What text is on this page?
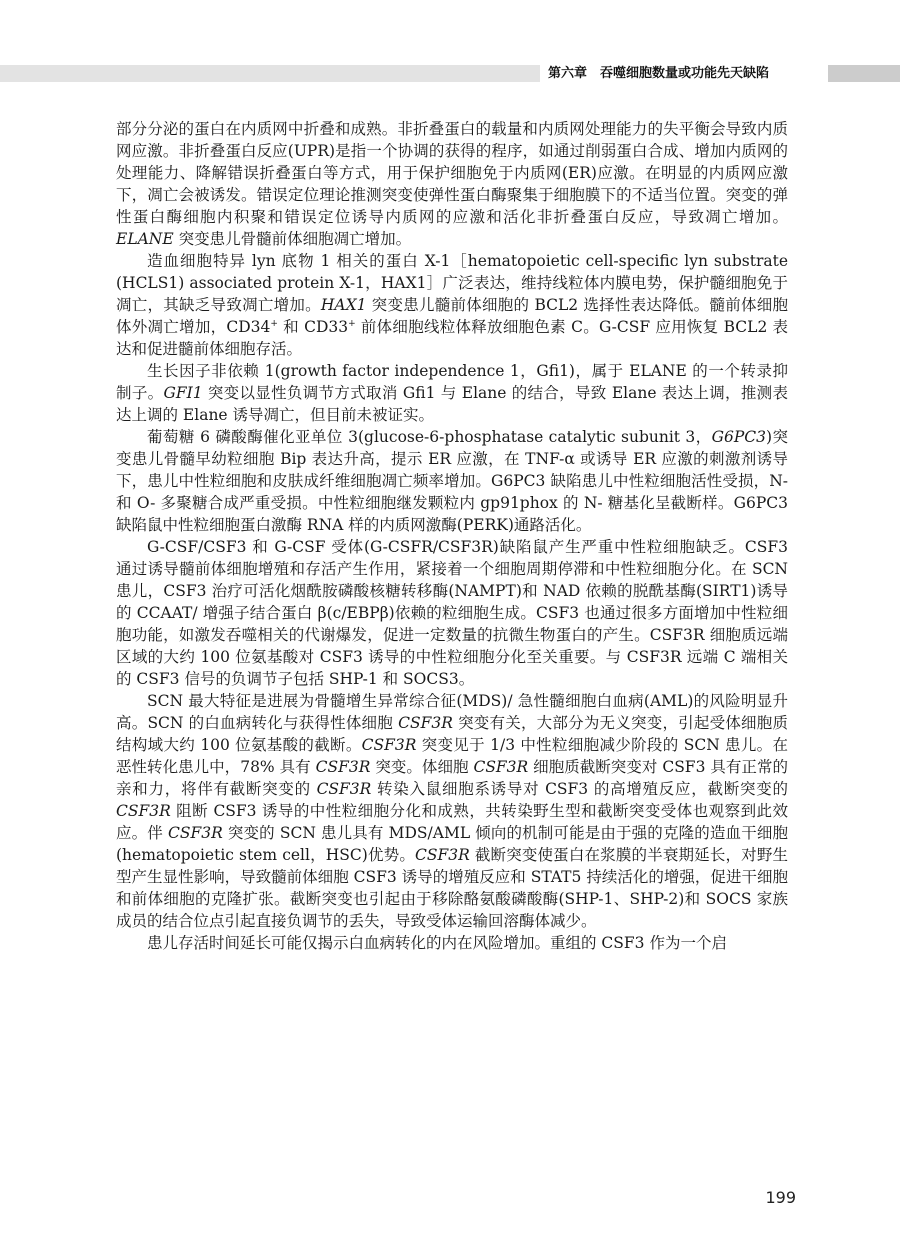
第六章　吞噬细胞数量或功能先天缺陷

部分分泌的蛋白在内质网中折叠和成熟。非折叠蛋白的载量和内质网处理能力的失平衡会导致内质网应激。非折叠蛋白反应(UPR)是指一个协调的获得的程序，如通过削弱蛋白合成、增加内质网的处理能力、降解错误折叠蛋白等方式，用于保护细胞免于内质网(ER)应激。在明显的内质网应激下，凋亡会被诱发。错误定位理论推测突变使弹性蛋白酶聚集于细胞膜下的不适当位置。突变的弹性蛋白酶细胞内积聚和错误定位诱导内质网的应激和活化非折叠蛋白反应，导致凋亡增加。ELANE 突变患儿骨髓前体细胞凋亡增加。

造血细胞特异 lyn 底物 1 相关的蛋白 X-1［hematopoietic cell-specific lyn substrate (HCLS1) associated protein X-1，HAX1］广泛表达，维持线粒体内膜电势，保护髓细胞免于凋亡，其缺乏导致凋亡增加。HAX1 突变患儿髓前体细胞的 BCL2 选择性表达降低。髓前体细胞体外凋亡增加，CD34+ 和 CD33+ 前体细胞线粒体释放细胞色素 C。G-CSF 应用恢复 BCL2 表达和促进髓前体细胞存活。

生长因子非依赖 1(growth factor independence 1，Gfi1)，属于 ELANE 的一个转录抑制子。GFI1 突变以显性负调节方式取消 Gfi1 与 Elane 的结合，导致 Elane 表达上调，推测表达上调的 Elane 诱导凋亡，但目前未被证实。

葡萄糖 6 磷酸酶催化亚单位 3(glucose-6-phosphatase catalytic subunit 3，G6PC3)突变患儿骨髓早幼粒细胞 Bip 表达升高，提示 ER 应激，在 TNF-α 或诱导 ER 应激的刺激剂诱导下，患儿中性粒细胞和皮肤成纤维细胞凋亡频率增加。G6PC3 缺陷患儿中性粒细胞活性受损，N- 和 O- 多聚糖合成严重受损。中性粒细胞继发颗粒内 gp91phox 的 N- 糖基化呈截断样。G6PC3 缺陷鼠中性粒细胞蛋白激酶 RNA 样的内质网激酶(PERK)通路活化。

G-CSF/CSF3 和 G-CSF 受体(G-CSFR/CSF3R)缺陷鼠产生严重中性粒细胞缺乏。CSF3 通过诱导髓前体细胞增殖和存活产生作用，紧接着一个细胞周期停滞和中性粒细胞分化。在 SCN 患儿，CSF3 治疗可活化烟酰胺磷酸核糖转移酶(NAMPT)和 NAD 依赖的脱酰基酶(SIRT1)诱导的 CCAAT/ 增强子结合蛋白 β(c/EBPβ)依赖的粒细胞生成。CSF3 也通过很多方面增加中性粒细胞功能，如激发吞噬相关的代谢爆发，促进一定数量的抗微生物蛋白的产生。CSF3R 细胞质远端区域的大约 100 位氨基酸对 CSF3 诱导的中性粒细胞分化至关重要。与 CSF3R 远端 C 端相关的 CSF3 信号的负调节子包括 SHP-1 和 SOCS3。

SCN 最大特征是进展为骨髓增生异常综合征(MDS)/ 急性髓细胞白血病(AML)的风险明显升高。SCN 的白血病转化与获得性体细胞 CSF3R 突变有关，大部分为无义突变，引起受体细胞质结构域大约 100 位氨基酸的截断。CSF3R 突变见于 1/3 中性粒细胞减少阶段的 SCN 患儿。在恶性转化患儿中，78% 具有 CSF3R 突变。体细胞 CSF3R 细胞质截断突变对 CSF3 具有正常的亲和力，将伴有截断突变的 CSF3R 转染入鼠细胞系诱导对 CSF3 的高增殖反应，截断突变的 CSF3R 阻断 CSF3 诱导的中性粒细胞分化和成熟，共转染野生型和截断突变受体也观察到此效应。伴 CSF3R 突变的 SCN 患儿具有 MDS/AML 倾向的机制可能是由于强的克隆的造血干细胞(hematopoietic stem cell，HSC)优势。CSF3R 截断突变使蛋白在浆膜的半衰期延长，对野生型产生显性影响，导致髓前体细胞 CSF3 诱导的增殖反应和 STAT5 持续活化的增强，促进干细胞和前体细胞的克隆扩张。截断突变也引起由于移除酪氨酸磷酸酶(SHP-1、SHP-2)和 SOCS 家族成员的结合位点引起直接负调节的丢失，导致受体运输回溶酶体减少。

患儿存活时间延长可能仅揭示白血病转化的内在风险增加。重组的 CSF3 作为一个启

199
